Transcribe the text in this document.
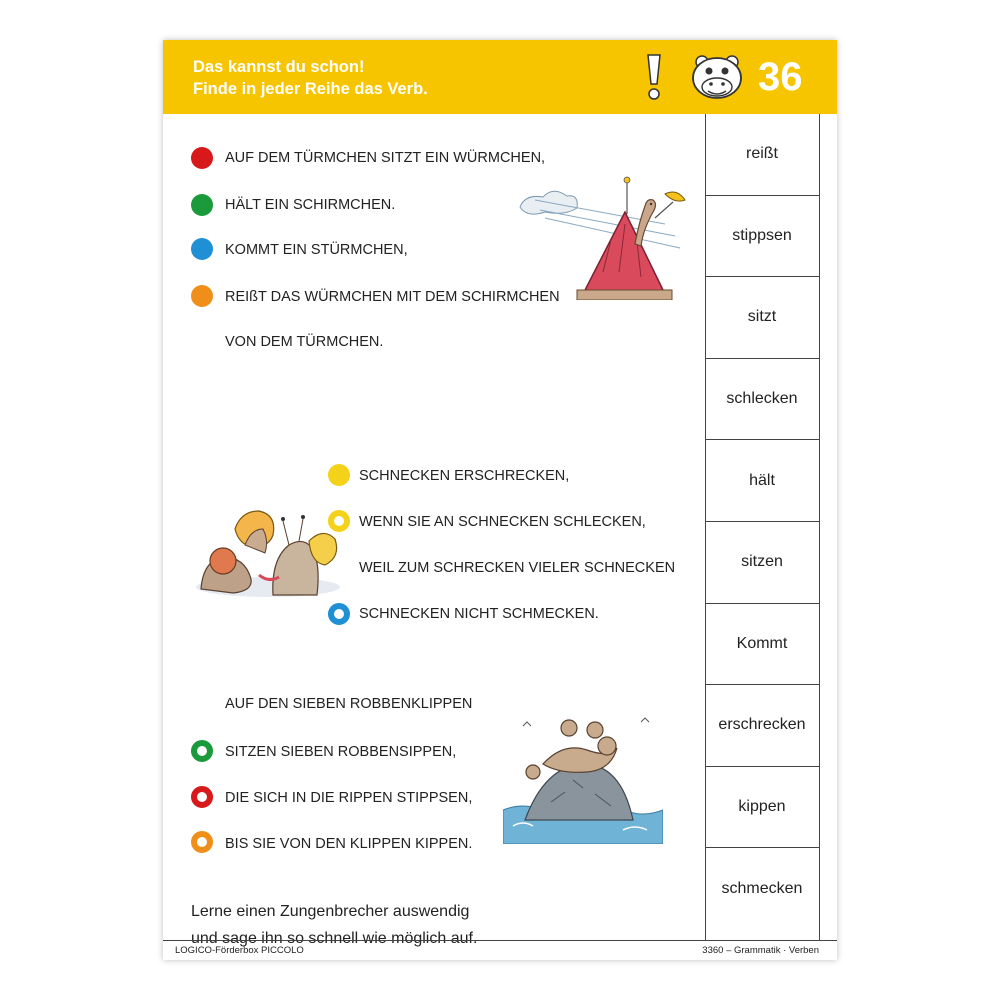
Das kannst du schon!
Finde in jeder Reihe das Verb.	36
AUF DEM TÜRMCHEN SITZT EIN WÜRMCHEN,
HÄLT EIN SCHIRMCHEN.
KOMMT EIN STÜRMCHEN,
REIßT DAS WÜRMCHEN MIT DEM SCHIRMCHEN
VON DEM TÜRMCHEN.
SCHNECKEN ERSCHRECKEN,
WENN SIE AN SCHNECKEN SCHLECKEN,
WEIL ZUM SCHRECKEN VIELER SCHNECKEN
SCHNECKEN NICHT SCHMECKEN.
AUF DEN SIEBEN ROBBENKLIPPEN
SITZEN SIEBEN ROBBENSIPPEN,
DIE SICH IN DIE RIPPEN STIPPSEN,
BIS SIE VON DEN KLIPPEN KIPPEN.
Lerne einen Zungenbrecher auswendig
und sage ihn so schnell wie möglich auf.
reißt
stippsen
sitzt
schlecken
hält
sitzen
Kommt
erschrecken
kippen
schmecken
LOGICO-Förderbox PICCOLO	3360 – Grammatik · Verben
